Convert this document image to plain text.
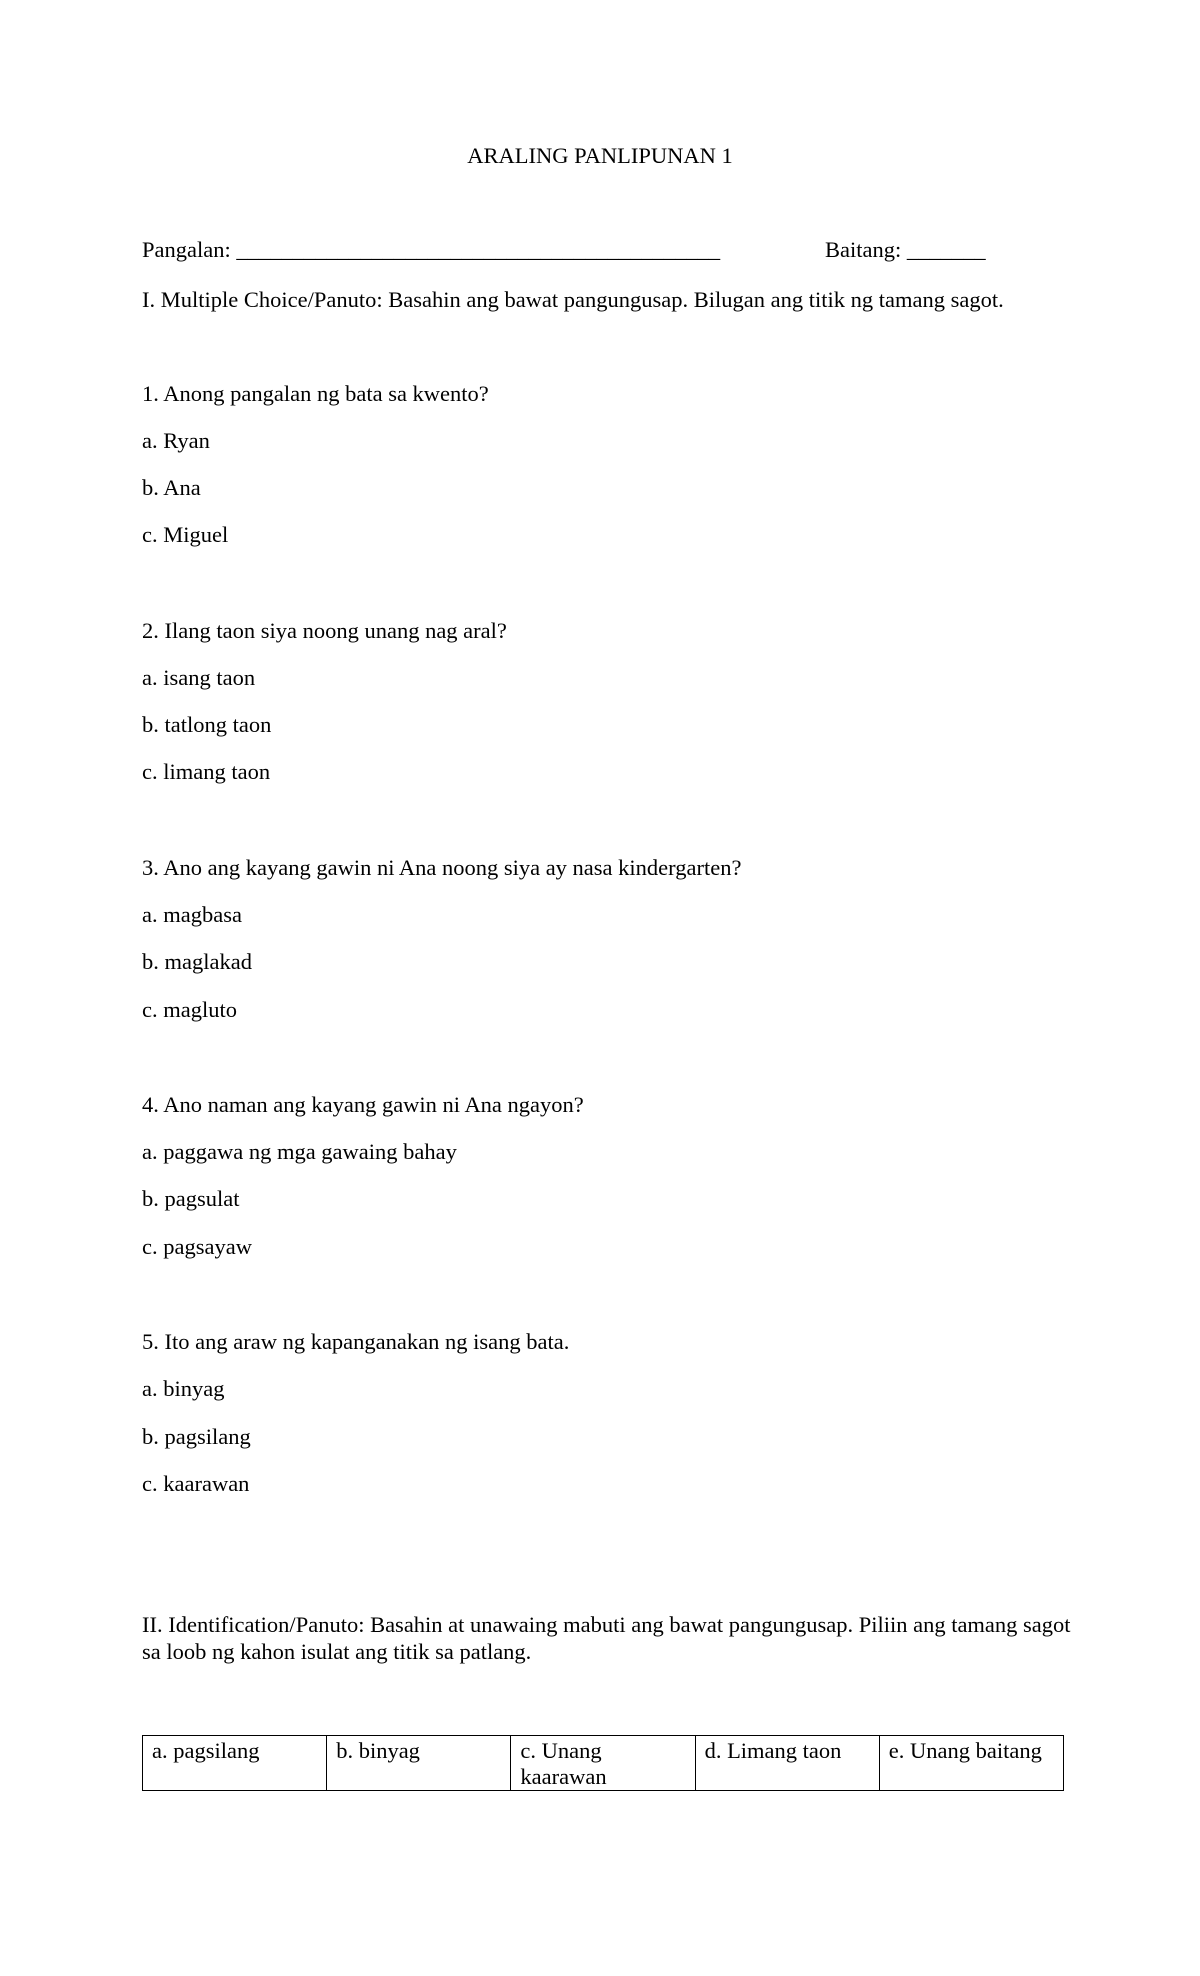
ARALING PANLIPUNAN 1
Pangalan: ___________________________________________	Baitang: _______
I. Multiple Choice/Panuto: Basahin ang bawat pangungusap. Bilugan ang titik ng tamang sagot.
1. Anong pangalan ng bata sa kwento?
a. Ryan
b. Ana
c. Miguel
2. Ilang taon siya noong unang nag aral?
a. isang taon
b. tatlong taon
c. limang taon
3. Ano ang kayang gawin ni Ana noong siya ay nasa kindergarten?
a. magbasa
b. maglakad
c. magluto
4. Ano naman ang kayang gawin ni Ana ngayon?
a. paggawa ng mga gawaing bahay
b. pagsulat
c. pagsayaw
5. Ito ang araw ng kapanganakan ng isang bata.
a. binyag
b. pagsilang
c. kaarawan
II. Identification/Panuto: Basahin at unawaing mabuti ang bawat pangungusap. Piliin ang tamang sagot sa loob ng kahon isulat ang titik sa patlang.
a. pagsilang	b. binyag	c. Unang kaarawan	d. Limang taon	e. Unang baitang
